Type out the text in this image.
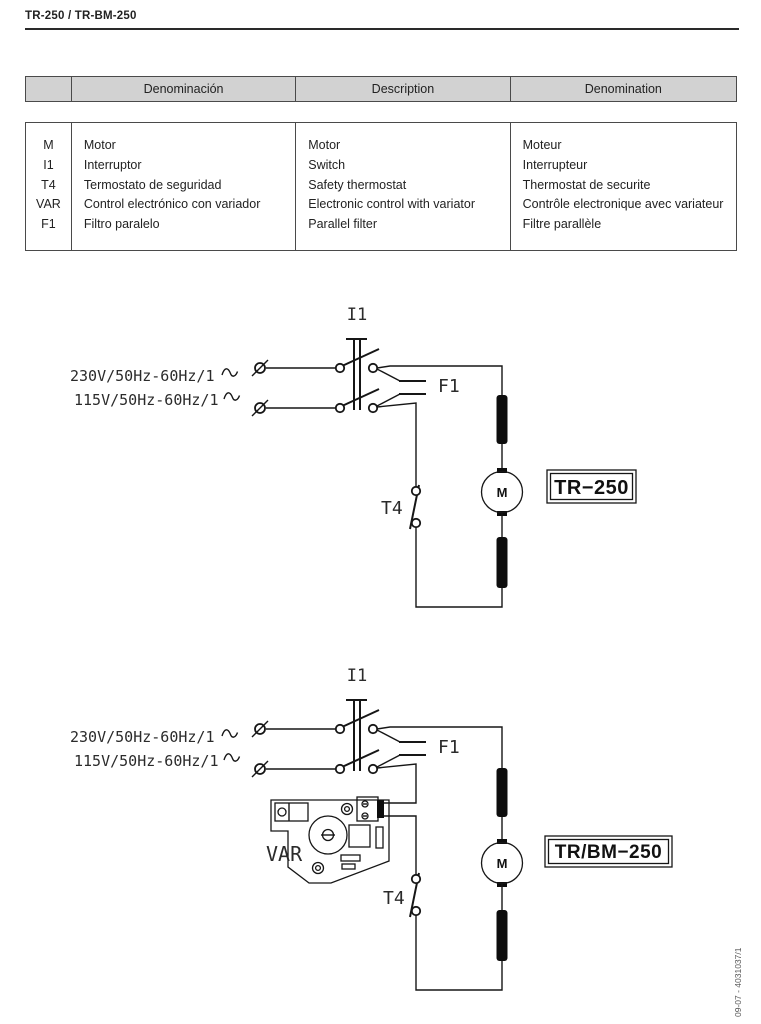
TR-250 / TR-BM-250
Denominación	Description	Denomination
M
I1
T4
VAR
F1
Motor
Interruptor
Termostato de seguridad
Control electrónico con variador
Filtro paralelo
Motor
Switch
Safety thermostat
Electronic control with variator
Parallel filter
Moteur
Interrupteur
Thermostat de securite
Contrôle electronique avec variateur
Filtre parallèle
I1
230V/50Hz-60Hz/1
115V/50Hz-60Hz/1
F1
T4
M TR−250
I1
230V/50Hz-60Hz/1
115V/50Hz-60Hz/1
F1
VAR
T4
M
TR/BM−250
09-07 - 4031037/1
